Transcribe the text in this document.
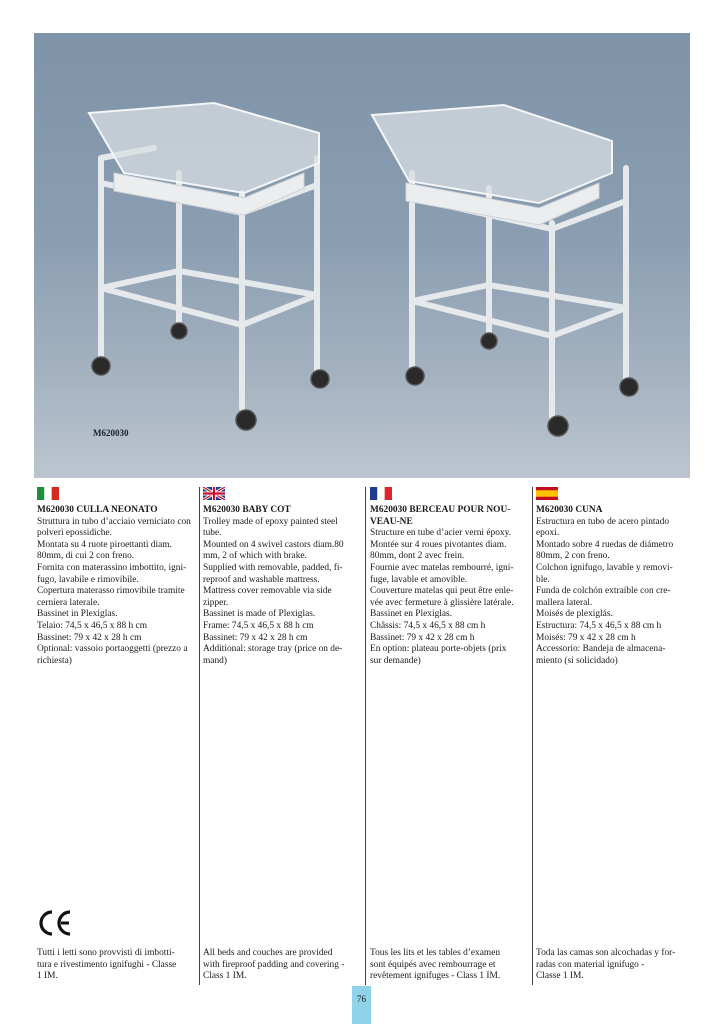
M620030
M620030 CULLA NEONATO
Struttura in tubo d’acciaio verniciato con
polveri epossidiche.
Montata su 4 ruote piroettanti diam.
80mm, di cui 2 con freno.
Fornita con materassino imbottito, igni-
fugo, lavabile e rimovibile.
Copertura materasso rimovibile tramite
cerniera laterale.
Bassinet in Plexiglas.
Telaio: 74,5 x 46,5 x 88 h cm
Bassinet: 79 x 42 x 28 h cm
Optional: vassoio portaoggetti (prezzo a
richiesta)
M620030 BABY COT
Trolley made of epoxy painted steel
tube.
Mounted on 4 swivel castors diam.80
mm, 2 of which with brake.
Supplied with removable, padded, fi-
reproof and washable mattress.
Mattress cover removable via side
zipper.
Bassinet is made of Plexiglas.
Frame: 74,5 x 46,5 x 88 h cm
Bassinet: 79 x 42 x 28 h cm
Additional: storage tray (price on de-
mand)
M620030 BERCEAU POUR NOU-
VEAU-NE
Structure en tube d’acier verni époxy.
Montée sur 4 roues pivotantes diam.
80mm, dont 2 avec frein.
Fournie avec matelas rembourré, igni-
fuge, lavable et amovible.
Couverture matelas qui peut être enle-
vée avec fermeture à glissière latérale.
Bassinet en Plexiglas.
Châssis: 74,5 x 46,5 x 88 cm h
Bassinet: 79 x 42 x 28 cm h
En option: plateau porte-objets (prix
sur demande)
M620030 CUNA
Estructura en tubo de acero pintado
epoxi.
Montado sobre 4 ruedas de diámetro
80mm, 2 con freno.
Colchon ignifugo, lavable y removi-
ble.
Funda de colchón extraíble con cre-
mallera lateral.
Moisés de plexiglás.
Estructura: 74,5 x 46,5 x 88 cm h
Moisés: 79 x 42 x 28 cm h
Accessorio: Bandeja de almacena-
miento (si solicidado)
Tutti i letti sono provvisti di imbotti-
tura e rivestimento ignifughi - Classe
1 IM.
All beds and couches are provided
with fireproof padding and covering -
Class 1 IM.
Tous les lits et les tables d’examen
sont équipés avec rembourrage et
revêtement ignifuges - Class 1 IM.
Toda las camas son alcochadas y for-
radas con material ignifugo -
Classe 1 IM.
76
